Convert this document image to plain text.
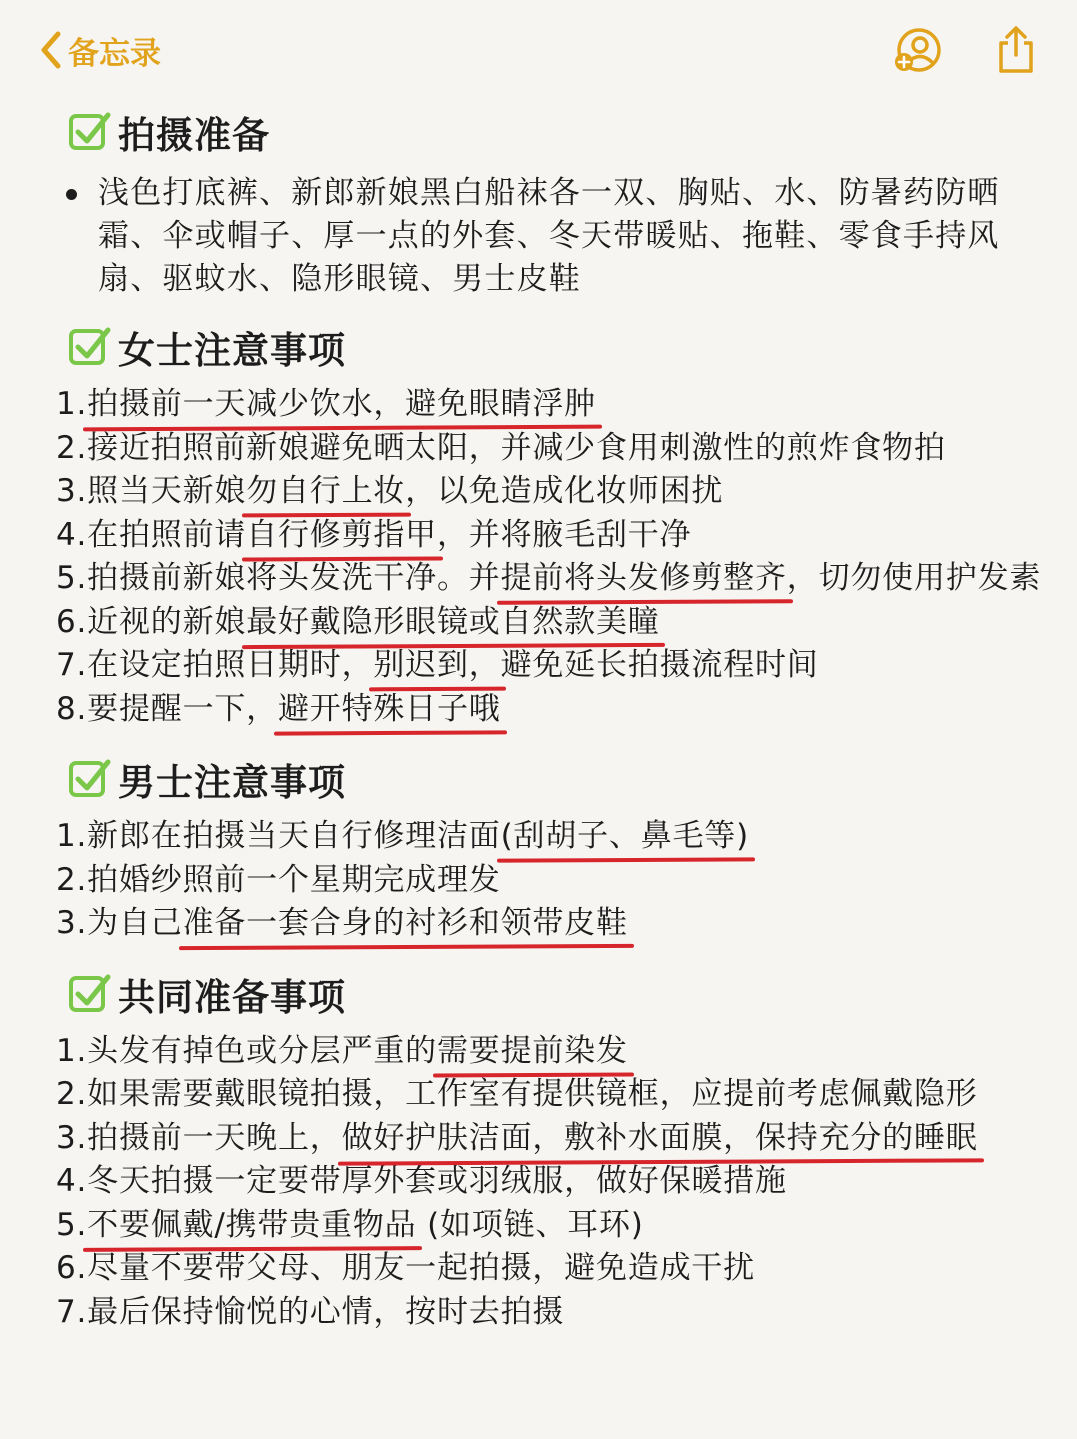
备忘录
拍摄准备
浅色打底裤、新郎新娘黑白船袜各一双、胸贴、水、防暑药防晒霜、伞或帽子、厚一点的外套、冬天带暖贴、拖鞋、零食手持风扇、驱蚊水、隐形眼镜、男士皮鞋
女士注意事项
1.拍摄前一天减少饮水，避免眼睛浮肿
2.接近拍照前新娘避免晒太阳，并减少食用刺激性的煎炸食物拍
3.照当天新娘勿自行上妆，以免造成化妆师困扰
4.在拍照前请自行修剪指甲，并将腋毛刮干净
5.拍摄前新娘将头发洗干净。并提前将头发修剪整齐，切勿使用护发素
6.近视的新娘最好戴隐形眼镜或自然款美瞳
7.在设定拍照日期时，别迟到，避免延长拍摄流程时间
8.要提醒一下，避开特殊日子哦
男士注意事项
1.新郎在拍摄当天自行修理洁面(刮胡子、鼻毛等)
2.拍婚纱照前一个星期完成理发
3.为自己准备一套合身的衬衫和领带皮鞋
共同准备事项
1.头发有掉色或分层严重的需要提前染发
2.如果需要戴眼镜拍摄，工作室有提供镜框，应提前考虑佩戴隐形
3.拍摄前一天晚上，做好护肤洁面，敷补水面膜，保持充分的睡眠
4.冬天拍摄一定要带厚外套或羽绒服，做好保暖措施
5.不要佩戴/携带贵重物品 (如项链、耳环)
6.尽量不要带父母、朋友一起拍摄，避免造成干扰
7.最后保持愉悦的心情，按时去拍摄
